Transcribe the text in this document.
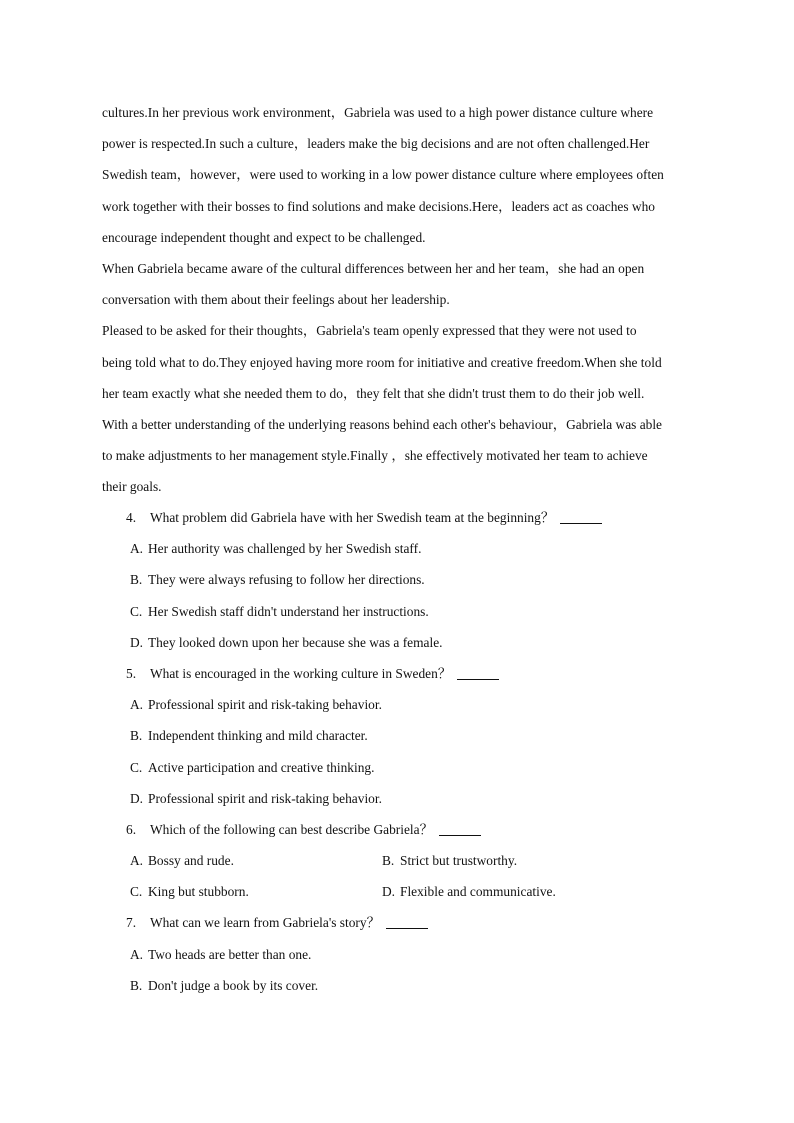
cultures.In her previous work environment，Gabriela was used to a high power distance culture where
power is respected.In such a culture，leaders make the big decisions and are not often challenged.Her
Swedish team，however，were used to working in a low power distance culture where employees often
work together with their bosses to find solutions and make decisions.Here，leaders act as coaches who
encourage independent thought and expect to be challenged.
When Gabriela became aware of the cultural differences between her and her team，she had an open
conversation with them about their feelings about her leadership.
Pleased to be asked for their thoughts，Gabriela's team openly expressed that they were not used to
being told what to do.They enjoyed having more room for initiative and creative freedom.When she told
her team exactly what she needed them to do，they felt that she didn't trust them to do their job well.
With a better understanding of the underlying reasons behind each other's behaviour，Gabriela was able
to make adjustments to her management style.Finally ，she effectively motivated her team to achieve
their goals.
4. What problem did Gabriela have with her Swedish team at the beginning？
A. Her authority was challenged by her Swedish staff.
B. They were always refusing to follow her directions.
C. Her Swedish staff didn't understand her instructions.
D. They looked down upon her because she was a female.
5. What is encouraged in the working culture in Sweden？
A. Professional spirit and risk-taking behavior.
B. Independent thinking and mild character.
C. Active participation and creative thinking.
D. Professional spirit and risk-taking behavior.
6. Which of the following can best describe Gabriela？
A. Bossy and rude.	B. Strict but trustworthy.
C. King but stubborn.	D. Flexible and communicative.
7. What can we learn from Gabriela's story？
A. Two heads are better than one.
B. Don't judge a book by its cover.
